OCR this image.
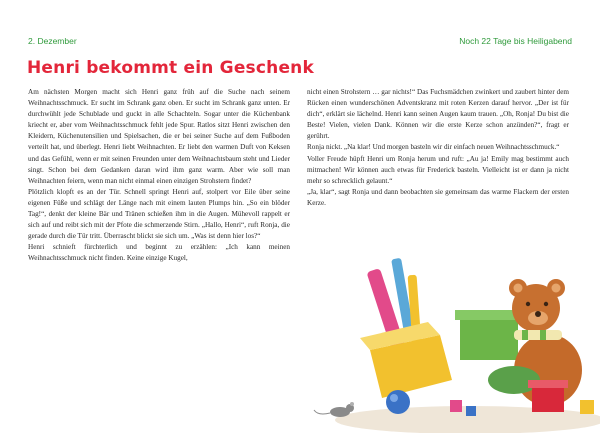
2. Dezember	Noch 22 Tage bis Heiligabend
Henri bekommt ein Geschenk

Am nächsten Morgen macht sich Henri ganz früh auf die Suche nach seinem Weihnachtsschmuck. Er sucht im Schrank ganz oben. Er sucht im Schrank ganz unten. Er durchwühlt jede Schublade und guckt in alle Schachteln. Sogar unter die Küchenbank kriecht er, aber vom Weihnachtsschmuck fehlt jede Spur. Ratlos sitzt Henri zwischen den Kleidern, Küchenutensilien und Spielsachen, die er bei seiner Suche auf dem Fußboden verteilt hat, und überlegt. Henri liebt Weihnachten. Er liebt den warmen Duft von Keksen und das Gefühl, wenn er mit seinen Freunden unter dem Weihnachtsbaum steht und Lieder singt. Schon bei dem Gedanken daran wird ihm ganz warm. Aber wie soll man Weihnachten feiern, wenn man nicht einmal einen einzigen Strohstern findet?

Plötzlich klopft es an der Tür. Schnell springt Henri auf, stolpert vor Eile über seine eigenen Füße und schlägt der Länge nach mit einem lauten Plumps hin. „So ein blöder Tag!“, denkt der kleine Bär und Tränen schießen ihm in die Augen. Mühevoll rappelt er sich auf und reibt sich mit der Pfote die schmerzende Stirn. „Hallo, Henri“, ruft Ronja, die gerade durch die Tür tritt. Überrascht blickt sie sich um. „Was ist denn hier los?“

Henri schnieft fürchterlich und beginnt zu erzählen: „Ich kann meinen Weihnachtsschmuck nicht finden. Keine einzige Kugel,

nicht einen Strohstern … gar nichts!“ Das Fuchsmädchen zwinkert und zaubert hinter dem Rücken einen wunderschönen Adventskranz mit roten Kerzen darauf hervor. „Der ist für dich“, erklärt sie lächelnd. Henri kann seinen Augen kaum trauen. „Oh, Ronja! Du bist die Beste! Vielen, vielen Dank. Können wir die erste Kerze schon anzünden?“, fragt er gerührt.

Ronja nickt. „Na klar! Und morgen basteln wir dir einfach neuen Weihnachtsschmuck.“

Voller Freude hüpft Henri um Ronja herum und ruft: „Au ja! Emily mag bestimmt auch mitmachen! Wir können auch etwas für Frederick basteln. Vielleicht ist er dann ja nicht mehr so schrecklich gelaunt.“

„Ja, klar“, sagt Ronja und dann beobachten sie gemeinsam das warme Flackern der ersten Kerze.
